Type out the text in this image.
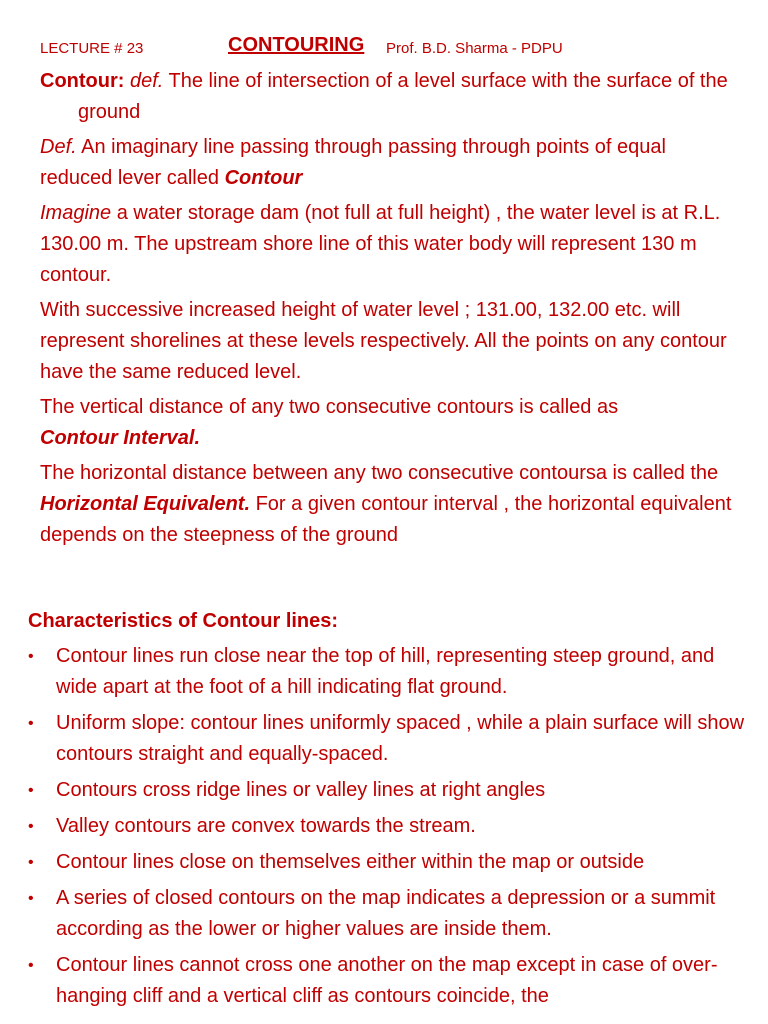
LECTURE # 23	CONTOURING Prof. B.D. Sharma - PDPU

Contour: def. The line of intersection of a level surface with the surface of the ground

Def. An imaginary line passing through passing through points of equal reduced lever called Contour

Imagine a water storage dam (not full at full height) , the water level is at R.L. 130.00 m. The upstream shore line of this water body will represent 130 m contour.

With successive increased height of water level ; 131.00, 132.00 etc. will represent shorelines at these levels respectively. All the points on any contour have the same reduced level.

The vertical distance of any two consecutive contours is called as
Contour Interval.

The horizontal distance between any two consecutive contoursa is called the Horizontal Equivalent. For a given contour interval , the horizontal equivalent depends on the steepness of the ground

Characteristics of Contour lines:
• Contour lines run close near the top of hill, representing steep ground, and wide apart at the foot of a hill indicating flat ground.
• Uniform slope: contour lines uniformly spaced , while a plain surface will show contours straight and equally-spaced.
• Contours cross ridge lines or valley lines at right angles
• Valley contours are convex towards the stream.
• Contour lines close on themselves either within the map or outside
• A series of closed contours on the map indicates a depression or a summit according as the lower or higher values are inside them.
• Contour lines cannot cross one another on the map except in case of over-hanging cliff and a vertical cliff as contours coincide, the
